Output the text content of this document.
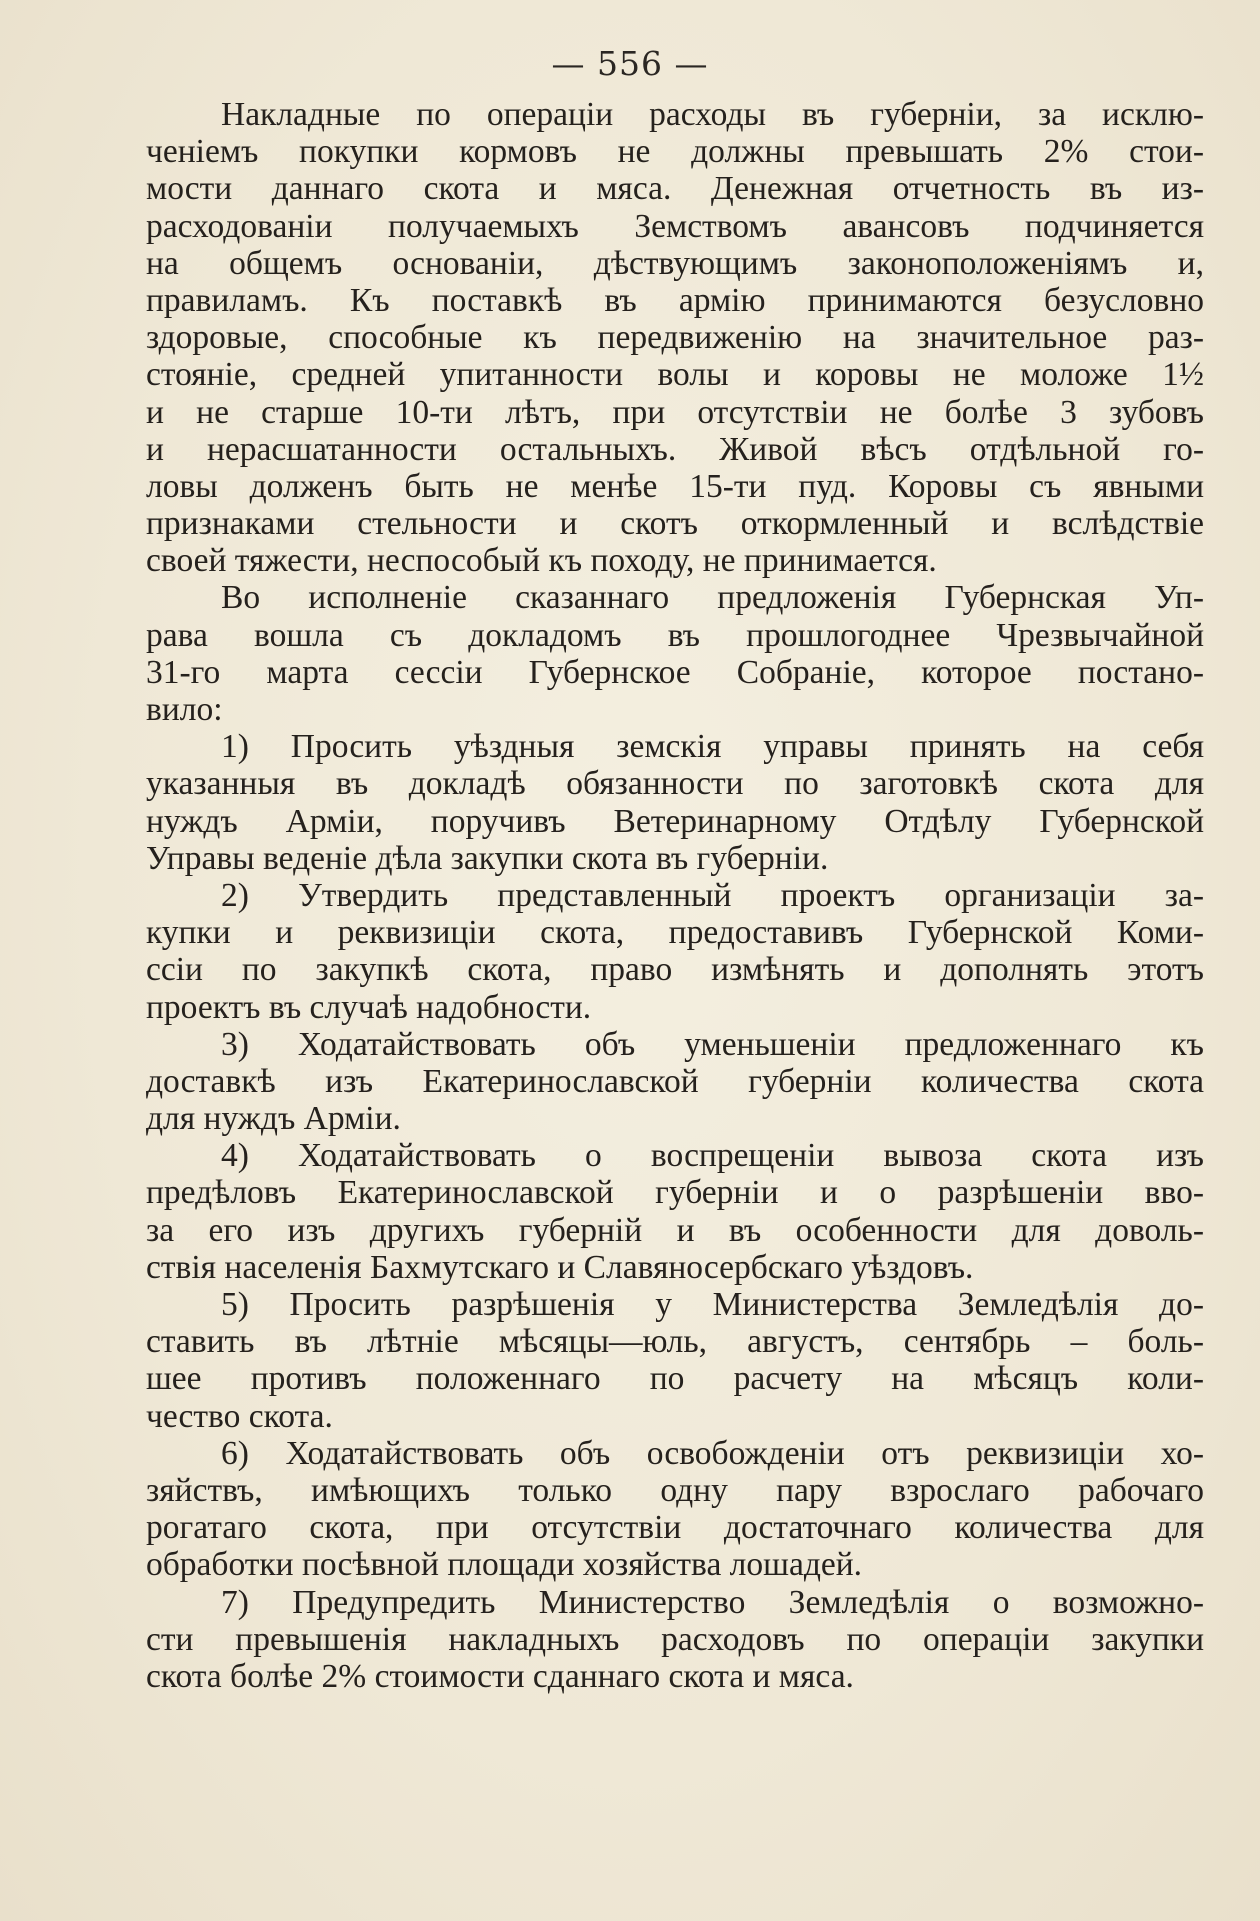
— 556 —
Накладные по операціи расходы въ губерніи, за исклю-
ченіемъ покупки кормовъ не должны превышать 2% стои-
мости даннаго скота и мяса. Денежная отчетность въ из-
расходованіи получаемыхъ Земствомъ авансовъ подчиняется
на общемъ основаніи, дѣствующимъ законоположеніямъ и,
правиламъ. Къ поставкѣ въ армію принимаются безусловно
здоровые, способные къ передвиженію на значительное раз-
стояніе, средней упитанности волы и коровы не моложе 1½
и не старше 10-ти лѣтъ, при отсутствіи не болѣе 3 зубовъ
и нерасшатанности остальныхъ. Живой вѣсъ отдѣльной го-
ловы долженъ быть не менѣе 15-ти пуд. Коровы съ явными
признаками стельности и скотъ откормленный и вслѣдствіе
своей тяжести, неспособый къ походу, не принимается.
Во исполненіе сказаннаго предложенія Губернская Уп-
рава вошла съ докладомъ въ прошлогоднее Чрезвычайной
31-го марта сессіи Губернское Собраніе, которое постано-
вило:
1) Просить уѣздныя земскія управы принять на себя
указанныя въ докладѣ обязанности по заготовкѣ скота для
нуждъ Арміи, поручивъ Ветеринарному Отдѣлу Губернской
Управы веденіе дѣла закупки скота въ губерніи.
2) Утвердить представленный проектъ организаціи за-
купки и реквизиціи скота, предоставивъ Губернской Коми-
ссіи по закупкѣ скота, право измѣнять и дополнять этотъ
проектъ въ случаѣ надобности.
3) Ходатайствовать объ уменьшеніи предложеннаго къ
доставкѣ изъ Екатеринославской губерніи количества скота
для нуждъ Арміи.
4) Ходатайствовать о воспрещеніи вывоза скота изъ
предѣловъ Екатеринославской губерніи и о разрѣшеніи вво-
за его изъ другихъ губерній и въ особенности для доволь-
ствія населенія Бахмутскаго и Славяносербскаго уѣздовъ.
5) Просить разрѣшенія у Министерства Земледѣлія до-
ставить въ лѣтніе мѣсяцы—юль, августъ, сентябрь – боль-
шее противъ положеннаго по расчету на мѣсяцъ коли-
чество скота.
6) Ходатайствовать объ освобожденіи отъ реквизиціи хо-
зяйствъ, имѣющихъ только одну пару взрослаго рабочаго
рогатаго скота, при отсутствіи достаточнаго количества для
обработки посѣвной площади хозяйства лошадей.
7) Предупредить Министерство Земледѣлія о возможно-
сти превышенія накладныхъ расходовъ по операціи закупки
скота болѣе 2% стоимости сданнаго скота и мяса.
